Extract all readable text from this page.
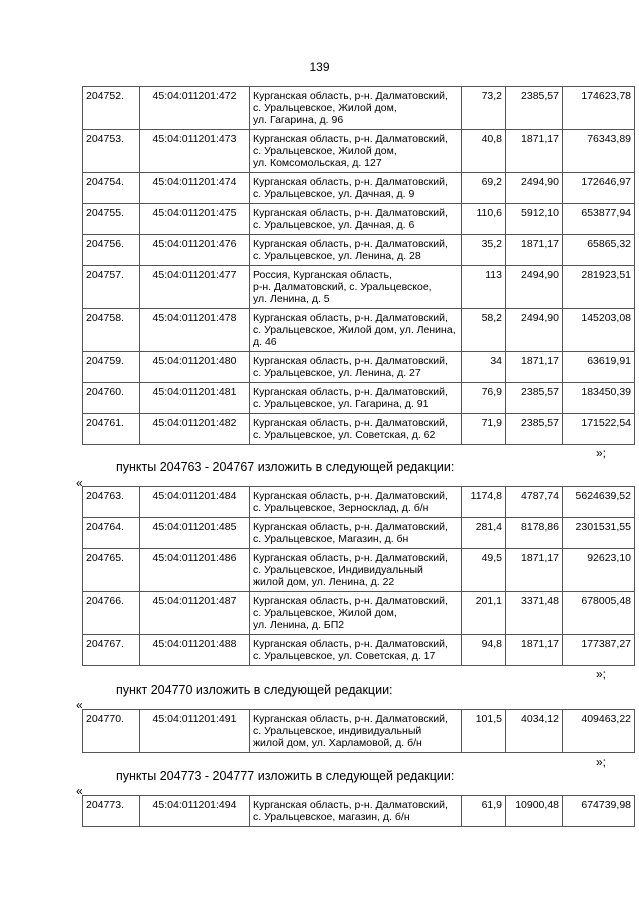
139
204752.	45:04:011201:472	Курганская область, р-н. Далматовский,
с. Уральцевское, Жилой дом,
ул. Гагарина, д. 96	73,2	2385,57	174623,78
204753.	45:04:011201:473	Курганская область, р-н. Далматовский,
с. Уральцевское, Жилой дом,
ул. Комсомольская, д. 127	40,8	1871,17	76343,89
204754.	45:04:011201:474	Курганская область, р-н. Далматовский,
с. Уральцевское, ул. Дачная, д. 9	69,2	2494,90	172646,97
204755.	45:04:011201:475	Курганская область, р-н. Далматовский,
с. Уральцевское, ул. Дачная, д. 6	110,6	5912,10	653877,94
204756.	45:04:011201:476	Курганская область, р-н. Далматовский,
с. Уральцевское, ул. Ленина, д. 28	35,2	1871,17	65865,32
204757.	45:04:011201:477	Россия, Курганская область,
р-н. Далматовский, с. Уральцевское,
ул. Ленина, д. 5	113	2494,90	281923,51
204758.	45:04:011201:478	Курганская область, р-н. Далматовский,
с. Уральцевское, Жилой дом, ул. Ленина,
д. 46	58,2	2494,90	145203,08
204759.	45:04:011201:480	Курганская область, р-н. Далматовский,
с. Уральцевское, ул. Ленина, д. 27	34	1871,17	63619,91
204760.	45:04:011201:481	Курганская область, р-н. Далматовский,
с. Уральцевское, ул. Гагарина, д. 91	76,9	2385,57	183450,39
204761.	45:04:011201:482	Курганская область, р-н. Далматовский,
с. Уральцевское, ул. Советская, д. 62	71,9	2385,57	171522,54
»;
пункты 204763 - 204767 изложить в следующей редакции:
«
204763.	45:04:011201:484	Курганская область, р-н. Далматовский,
с. Уральцевское, Зерносклад, д. б/н	1174,8	4787,74	5624639,52
204764.	45:04:011201:485	Курганская область, р-н. Далматовский,
с. Уральцевское, Магазин, д. бн	281,4	8178,86	2301531,55
204765.	45:04:011201:486	Курганская область, р-н. Далматовский,
с. Уральцевское, Индивидуальный
жилой дом, ул. Ленина, д. 22	49,5	1871,17	92623,10
204766.	45:04:011201:487	Курганская область, р-н. Далматовский,
с. Уральцевское, Жилой дом,
ул. Ленина, д. БП2	201,1	3371,48	678005,48
204767.	45:04:011201:488	Курганская область, р-н. Далматовский,
с. Уральцевское, ул. Советская, д. 17	94,8	1871,17	177387,27
»;
пункт 204770 изложить в следующей редакции:
«
204770.	45:04:011201:491	Курганская область, р-н. Далматовский,
с. Уральцевское, индивидуальный
жилой дом, ул. Харламовой, д. б/н
	101,5	4034,12	409463,22
»;
пункты 204773 - 204777 изложить в следующей редакции:
«
204773.	45:04:011201:494	Курганская область, р-н. Далматовский,
с. Уральцевское, магазин, д. б/н
	61,9	10900,48	674739,98
